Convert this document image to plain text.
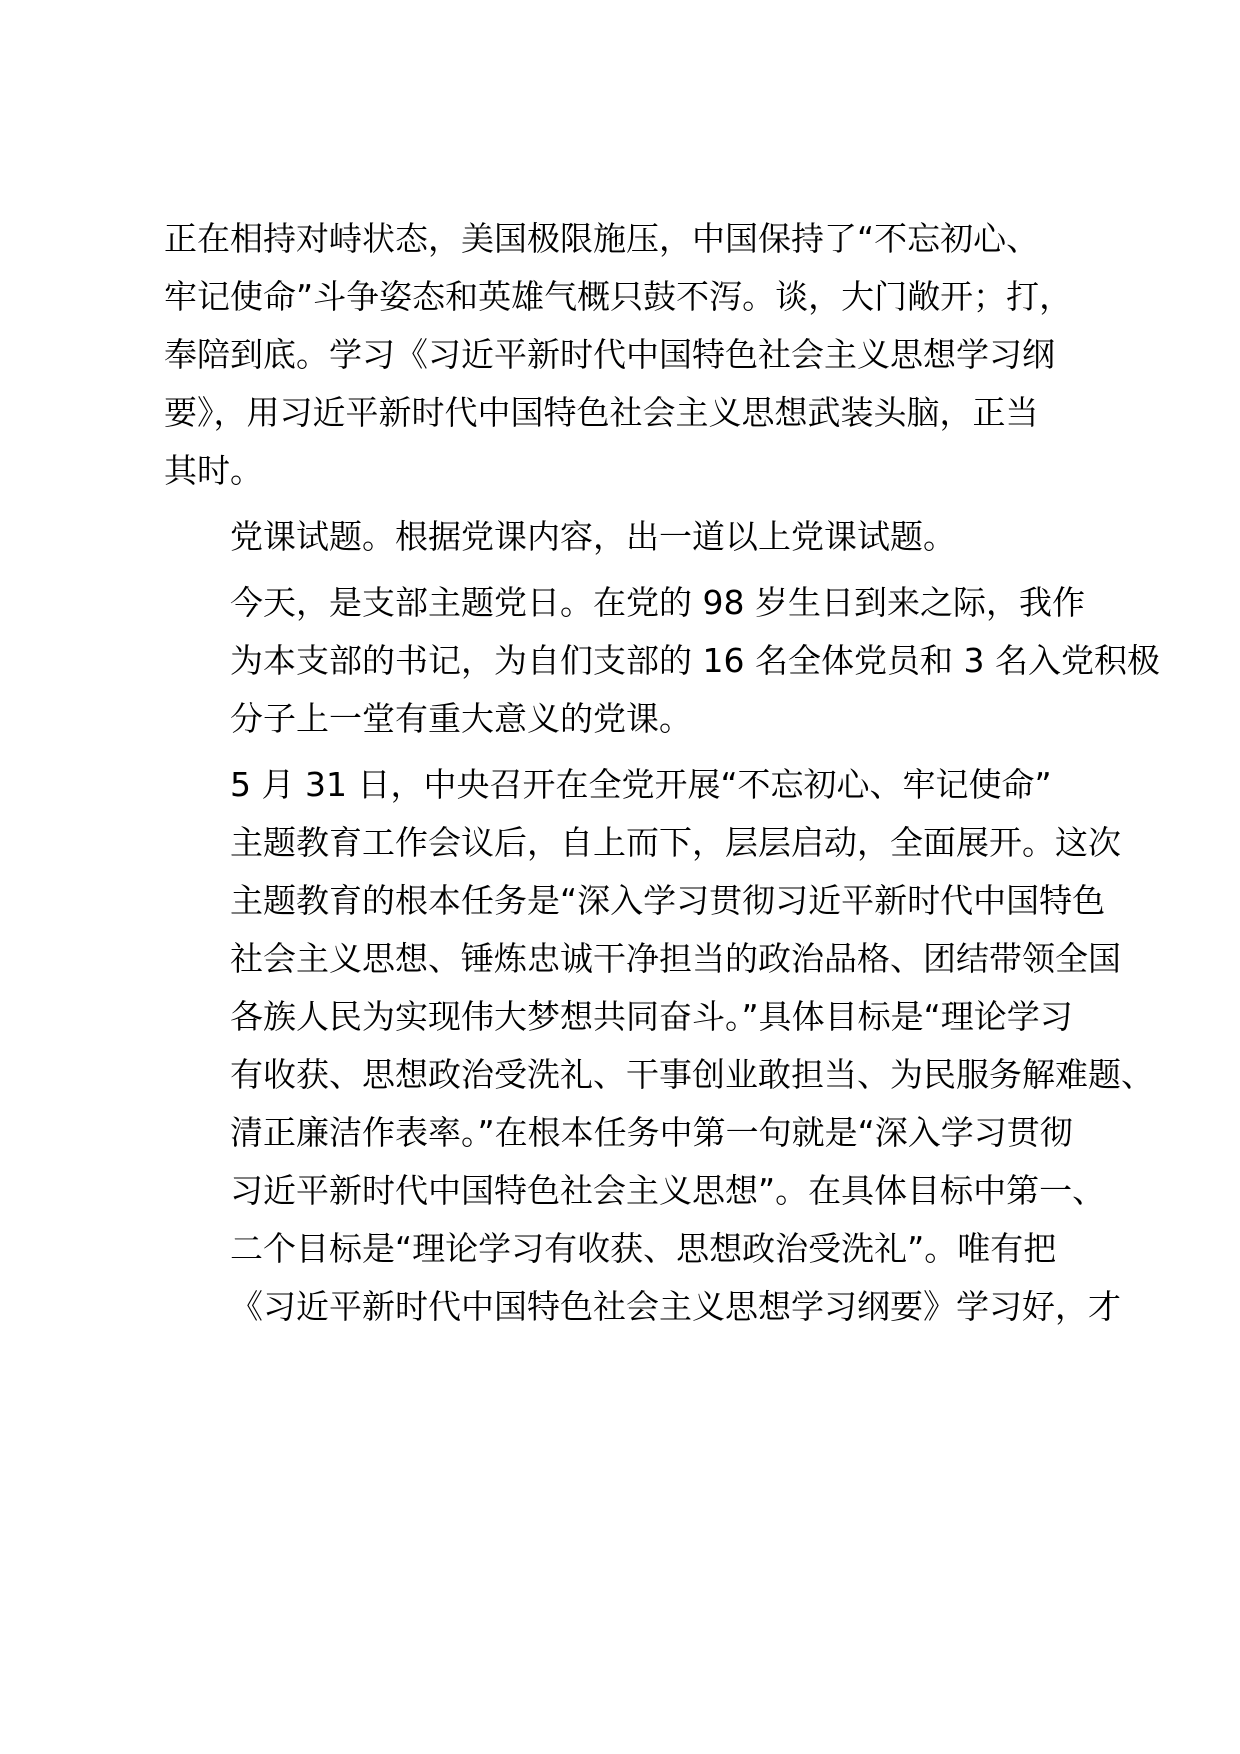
正在相持对峙状态，美国极限施压，中国保持了“不忘初心、
牢记使命”斗争姿态和英雄气概只鼓不泻。谈，大门敞开；打，
奉陪到底。学习《习近平新时代中国特色社会主义思想学习纲
要》，用习近平新时代中国特色社会主义思想武装头脑，正当
其时。
党课试题。根据党课内容，出一道以上党课试题。
今天，是支部主题党日。在党的 98 岁生日到来之际，我作
为本支部的书记，为自们支部的 16 名全体党员和 3 名入党积极
分子上一堂有重大意义的党课。
5 月 31 日，中央召开在全党开展“不忘初心、牢记使命”
主题教育工作会议后，自上而下，层层启动，全面展开。这次
主题教育的根本任务是“深入学习贯彻习近平新时代中国特色
社会主义思想、锤炼忠诚干净担当的政治品格、团结带领全国
各族人民为实现伟大梦想共同奋斗。”具体目标是“理论学习
有收获、思想政治受洗礼、干事创业敢担当、为民服务解难题、
清正廉洁作表率。”在根本任务中第一句就是“深入学习贯彻
习近平新时代中国特色社会主义思想”。在具体目标中第一、
二个目标是“理论学习有收获、思想政治受洗礼”。唯有把
《习近平新时代中国特色社会主义思想学习纲要》学习好，才
